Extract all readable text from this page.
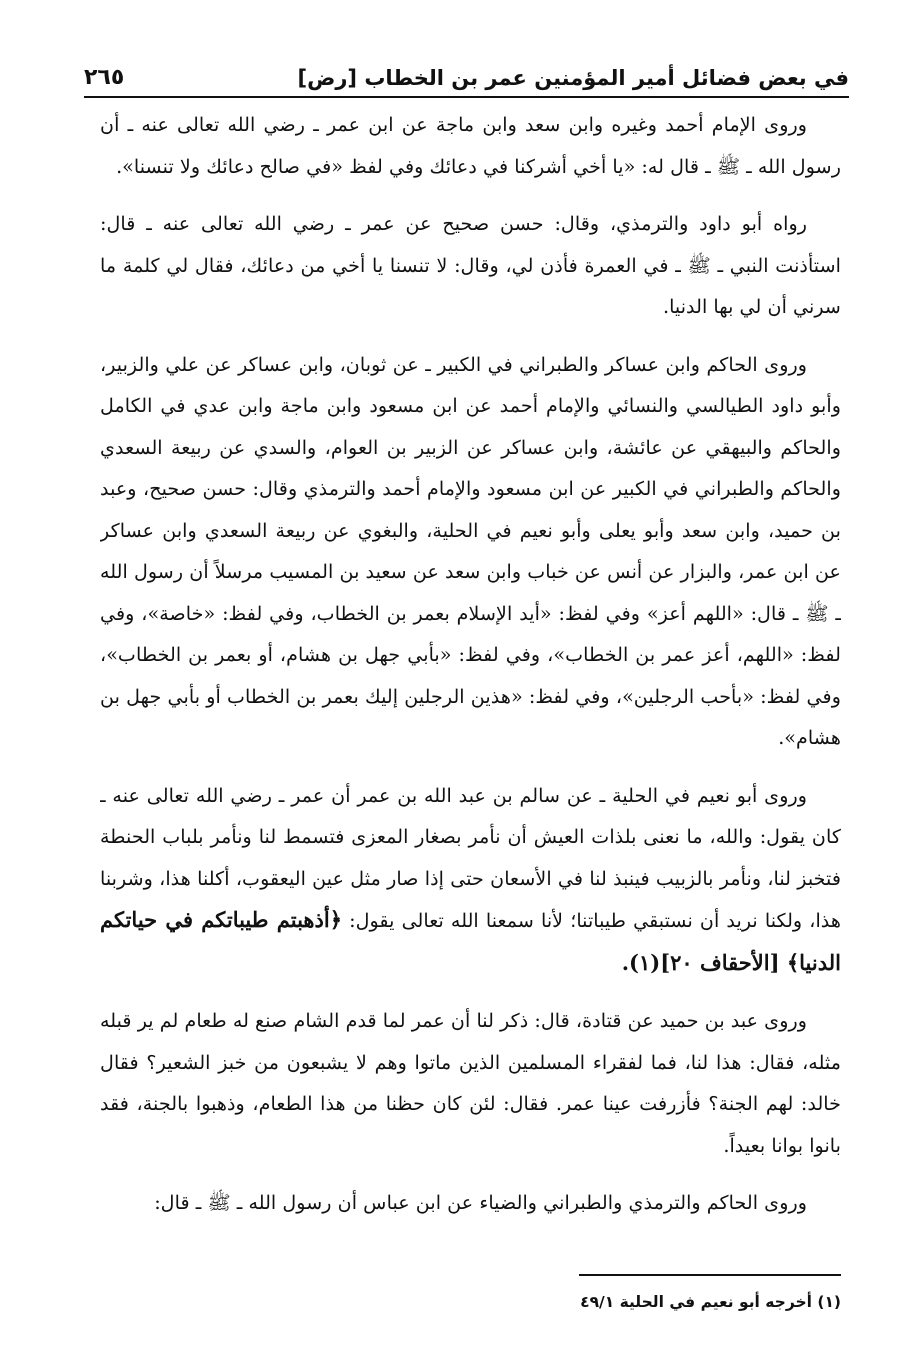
في بعض فضائل أمير المؤمنين عمر بن الخطاب [رض]
٢٦٥

وروى الإمام أحمد وغيره وابن سعد وابن ماجة عن ابن عمر ـ رضي الله تعالى عنه ـ أن رسول الله ـ ﷺ ـ قال له: «يا أخي أشركنا في دعائك وفي لفظ «في صالح دعائك ولا تنسنا».

رواه أبو داود والترمذي، وقال: حسن صحيح عن عمر ـ رضي الله تعالى عنه ـ قال: استأذنت النبي ـ ﷺ ـ في العمرة فأذن لي، وقال: لا تنسنا يا أخي من دعائك، فقال لي كلمة ما سرني أن لي بها الدنيا.

وروى الحاكم وابن عساكر والطبراني في الكبير ـ عن ثوبان، وابن عساكر عن علي والزبير، وأبو داود الطيالسي والنسائي والإمام أحمد عن ابن مسعود وابن ماجة وابن عدي في الكامل والحاكم والبيهقي عن عائشة، وابن عساكر عن الزبير بن العوام، والسدي عن ربيعة السعدي والحاكم والطبراني في الكبير عن ابن مسعود والإمام أحمد والترمذي وقال: حسن صحيح، وعبد بن حميد، وابن سعد وأبو يعلى وأبو نعيم في الحلية، والبغوي عن ربيعة السعدي وابن عساكر عن ابن عمر، والبزار عن أنس عن خباب وابن سعد عن سعيد بن المسيب مرسلاً أن رسول الله ـ ﷺ ـ قال: «اللهم أعز» وفي لفظ: «أيد الإسلام بعمر بن الخطاب، وفي لفظ: «خاصة»، وفي لفظ: «اللهم، أعز عمر بن الخطاب»، وفي لفظ: «بأبي جهل بن هشام، أو بعمر بن الخطاب»، وفي لفظ: «بأحب الرجلين»، وفي لفظ: «هذين الرجلين إليك بعمر بن الخطاب أو بأبي جهل بن هشام».

وروى أبو نعيم في الحلية ـ عن سالم بن عبد الله بن عمر أن عمر ـ رضي الله تعالى عنه ـ كان يقول: والله، ما نعنى بلذات العيش أن نأمر بصغار المعزى فتسمط لنا ونأمر بلباب الحنطة فتخبز لنا، ونأمر بالزبيب فينبذ لنا في الأسعان حتى إذا صار مثل عين اليعقوب، أكلنا هذا، وشربنا هذا، ولكنا نريد أن نستبقي طيباتنا؛ لأنا سمعنا الله تعالى يقول: ﴿أذهبتم طيباتكم في حياتكم الدنيا﴾ [الأحقاف ٢٠](١).

وروى عبد بن حميد عن قتادة، قال: ذكر لنا أن عمر لما قدم الشام صنع له طعام لم ير قبله مثله، فقال: هذا لنا، فما لفقراء المسلمين الذين ماتوا وهم لا يشبعون من خبز الشعير؟ فقال خالد: لهم الجنة؟ فأزرفت عينا عمر. فقال: لئن كان حظنا من هذا الطعام، وذهبوا بالجنة، فقد بانوا بوانا بعيداً.

وروى الحاكم والترمذي والطبراني والضياء عن ابن عباس أن رسول الله ـ ﷺ ـ قال:

(١) أخرجه أبو نعيم في الحلية ٤٩/١
